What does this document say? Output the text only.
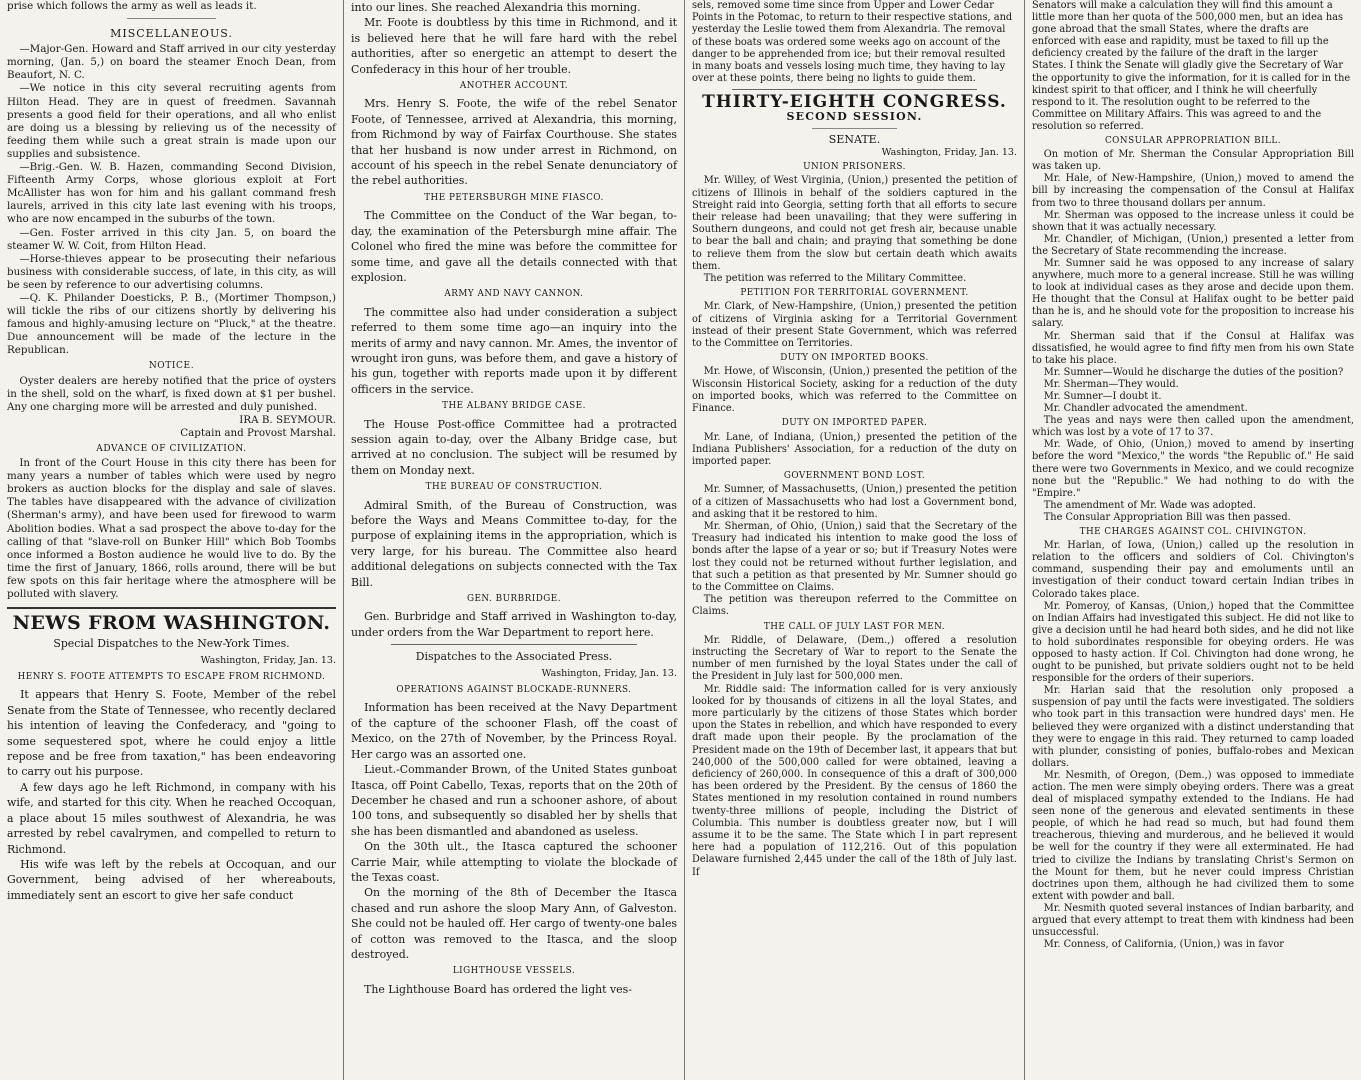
prise which follows the army as well as leads it.

MISCELLANEOUS.

—Major-Gen. Howard and Staff arrived in our city yesterday morning, (Jan. 5,) on board the steamer Enoch Dean, from Beaufort, N. C.

—We notice in this city several recruiting agents from Hilton Head. They are in quest of freedmen. Savannah presents a good field for their operations, and all who enlist are doing us a blessing by relieving us of the necessity of feeding them while such a great strain is made upon our supplies and subsistence.

—Brig.-Gen. W. B. Hazen, commanding Second Division, Fifteenth Army Corps, whose glorious exploit at Fort McAllister has won for him and his gallant command fresh laurels, arrived in this city late last evening with his troops, who are now encamped in the suburbs of the town.

—Gen. Foster arrived in this city Jan. 5, on board the steamer W. W. Coit, from Hilton Head.

—Horse-thieves appear to be prosecuting their nefarious business with considerable success, of late, in this city, as will be seen by reference to our advertising columns.

—Q. K. Philander Doesticks, P. B., (Mortimer Thompson,) will tickle the ribs of our citizens shortly by delivering his famous and highly-amusing lecture on "Pluck," at the theatre. Due announcement will be made of the lecture in the Republican.

NOTICE.

Oyster dealers are hereby notified that the price of oysters in the shell, sold on the wharf, is fixed down at $1 per bushel. Any one charging more will be arrested and duly punished.

IRA B. SEYMOUR.

Captain and Provost Marshal.

ADVANCE OF CIVILIZATION.

In front of the Court House in this city there has been for many years a number of tables which were used by negro brokers as auction blocks for the display and sale of slaves. The tables have disappeared with the advance of civilization (Sherman's army), and have been used for firewood to warm Abolition bodies. What a sad prospect the above to-day for the calling of that "slave-roll on Bunker Hill" which Bob Toombs once informed a Boston audience he would live to do. By the time the first of January, 1866, rolls around, there will be but few spots on this fair heritage where the atmosphere will be polluted with slavery.

NEWS FROM WASHINGTON.
Special Dispatches to the New-York Times.
Washington, Friday, Jan. 13.
HENRY S. FOOTE ATTEMPTS TO ESCAPE FROM RICHMOND.

It appears that Henry S. Foote, Member of the rebel Senate from the State of Tennessee, who recently declared his intention of leaving the Confederacy, and "going to some sequestered spot, where he could enjoy a little repose and be free from taxation," has been endeavoring to carry out his purpose.

A few days ago he left Richmond, in company with his wife, and started for this city. When he reached Occoquan, a place about 15 miles southwest of Alexandria, he was arrested by rebel cavalrymen, and compelled to return to Richmond.

His wife was left by the rebels at Occoquan, and our Government, being advised of her whereabouts, immediately sent an escort to give her safe conduct

into our lines. She reached Alexandria this morning.

Mr. Foote is doubtless by this time in Richmond, and it is believed here that he will fare hard with the rebel authorities, after so energetic an attempt to desert the Confederacy in this hour of her trouble.

ANOTHER ACCOUNT.

Mrs. Henry S. Foote, the wife of the rebel Senator Foote, of Tennessee, arrived at Alexandria, this morning, from Richmond by way of Fairfax Courthouse. She states that her husband is now under arrest in Richmond, on account of his speech in the rebel Senate denunciatory of the rebel authorities.

THE PETERSBURGH MINE FIASCO.

The Committee on the Conduct of the War began, to-day, the examination of the Petersburgh mine affair. The Colonel who fired the mine was before the committee for some time, and gave all the details connected with that explosion.

ARMY AND NAVY CANNON.

The committee also had under consideration a subject referred to them some time ago—an inquiry into the merits of army and navy cannon. Mr. Ames, the inventor of wrought iron guns, was before them, and gave a history of his gun, together with reports made upon it by different officers in the service.

THE ALBANY BRIDGE CASE.

The House Post-office Committee had a protracted session again to-day, over the Albany Bridge case, but arrived at no conclusion. The subject will be resumed by them on Monday next.

THE BUREAU OF CONSTRUCTION.

Admiral Smith, of the Bureau of Construction, was before the Ways and Means Committee to-day, for the purpose of explaining items in the appropriation, which is very large, for his bureau. The Committee also heard additional delegations on subjects connected with the Tax Bill.

GEN. BURBRIDGE.

Gen. Burbridge and Staff arrived in Washington to-day, under orders from the War Department to report here.

Dispatches to the Associated Press.
Washington, Friday, Jan. 13.
OPERATIONS AGAINST BLOCKADE-RUNNERS.

Information has been received at the Navy Department of the capture of the schooner Flash, off the coast of Mexico, on the 27th of November, by the Princess Royal. Her cargo was an assorted one.

Lieut.-Commander Brown, of the United States gunboat Itasca, off Point Cabello, Texas, reports that on the 20th of December he chased and run a schooner ashore, of about 100 tons, and subsequently so disabled her by shells that she has been dismantled and abandoned as useless.

On the 30th ult., the Itasca captured the schooner Carrie Mair, while attempting to violate the blockade of the Texas coast.

On the morning of the 8th of December the Itasca chased and run ashore the sloop Mary Ann, of Galveston. She could not be hauled off. Her cargo of twenty-one bales of cotton was removed to the Itasca, and the sloop destroyed.

LIGHTHOUSE VESSELS.

The Lighthouse Board has ordered the light ves-

sels, removed some time since from Upper and Lower Cedar Points in the Potomac, to return to their respective stations, and yesterday the Leslie towed them from Alexandria. The removal of these boats was ordered some weeks ago on account of the danger to be apprehended from ice; but their removal resulted in many boats and vessels losing much time, they having to lay over at these points, there being no lights to guide them.

THIRTY-EIGHTH CONGRESS.
SECOND SESSION.
SENATE.
Washington, Friday, Jan. 13.
UNION PRISONERS.

Mr. Willey, of West Virginia, (Union,) presented the petition of citizens of Illinois in behalf of the soldiers captured in the Streight raid into Georgia, setting forth that all efforts to secure their release had been unavailing; that they were suffering in Southern dungeons, and could not get fresh air, because unable to bear the ball and chain; and praying that something be done to relieve them from the slow but certain death which awaits them.

The petition was referred to the Military Committee.

PETITION FOR TERRITORIAL GOVERNMENT.

Mr. Clark, of New-Hampshire, (Union,) presented the petition of citizens of Virginia asking for a Territorial Government instead of their present State Government, which was referred to the Committee on Territories.

DUTY ON IMPORTED BOOKS.

Mr. Howe, of Wisconsin, (Union,) presented the petition of the Wisconsin Historical Society, asking for a reduction of the duty on imported books, which was referred to the Committee on Finance.

DUTY ON IMPORTED PAPER.

Mr. Lane, of Indiana, (Union,) presented the petition of the Indiana Publishers' Association, for a reduction of the duty on imported paper.

GOVERNMENT BOND LOST.

Mr. Sumner, of Massachusetts, (Union,) presented the petition of a citizen of Massachusetts who had lost a Government bond, and asking that it be restored to him.

Mr. Sherman, of Ohio, (Union,) said that the Secretary of the Treasury had indicated his intention to make good the loss of bonds after the lapse of a year or so; but if Treasury Notes were lost they could not be returned without further legislation, and that such a petition as that presented by Mr. Sumner should go to the Committee on Claims.

The petition was thereupon referred to the Committee on Claims.

THE CALL OF JULY LAST FOR MEN.

Mr. Riddle, of Delaware, (Dem.,) offered a resolution instructing the Secretary of War to report to the Senate the number of men furnished by the loyal States under the call of the President in July last for 500,000 men.

Mr. Riddle said: The information called for is very anxiously looked for by thousands of citizens in all the loyal States, and more particularly by the citizens of those States which border upon the States in rebellion, and which have responded to every draft made upon their people. By the proclamation of the President made on the 19th of December last, it appears that but 240,000 of the 500,000 called for were obtained, leaving a deficiency of 260,000. In consequence of this a draft of 300,000 has been ordered by the President. By the census of 1860 the States mentioned in my resolution contained in round numbers twenty-three millions of people, including the District of Columbia. This number is doubtless greater now, but I will assume it to be the same. The State which I in part represent here had a population of 112,216. Out of this population Delaware furnished 2,445 under the call of the 18th of July last. If

Senators will make a calculation they will find this amount a little more than her quota of the 500,000 men, but an idea has gone abroad that the small States, where the drafts are enforced with ease and rapidity, must be taxed to fill up the deficiency created by the failure of the draft in the larger States. I think the Senate will gladly give the Secretary of War the opportunity to give the information, for it is called for in the kindest spirit to that officer, and I think he will cheerfully respond to it. The resolution ought to be referred to the Committee on Military Affairs. This was agreed to and the resolution so referred.

CONSULAR APPROPRIATION BILL.

On motion of Mr. Sherman the Consular Appropriation Bill was taken up.

Mr. Hale, of New-Hampshire, (Union,) moved to amend the bill by increasing the compensation of the Consul at Halifax from two to three thousand dollars per annum.

Mr. Sherman was opposed to the increase unless it could be shown that it was actually necessary.

Mr. Chandler, of Michigan, (Union,) presented a letter from the Secretary of State recommending the increase.

Mr. Sumner said he was opposed to any increase of salary anywhere, much more to a general increase. Still he was willing to look at individual cases as they arose and decide upon them. He thought that the Consul at Halifax ought to be better paid than he is, and he should vote for the proposition to increase his salary.

Mr. Sherman said that if the Consul at Halifax was dissatisfied, he would agree to find fifty men from his own State to take his place.

Mr. Sumner—Would he discharge the duties of the position?

Mr. Sherman—They would.

Mr. Sumner—I doubt it.

Mr. Chandler advocated the amendment.

The yeas and nays were then called upon the amendment, which was lost by a vote of 17 to 37.

Mr. Wade, of Ohio, (Union,) moved to amend by inserting before the word "Mexico," the words "the Republic of." He said there were two Governments in Mexico, and we could recognize none but the "Republic." We had nothing to do with the "Empire."

The amendment of Mr. Wade was adopted.

The Consular Appropriation Bill was then passed.

THE CHARGES AGAINST COL. CHIVINGTON.

Mr. Harlan, of Iowa, (Union,) called up the resolution in relation to the officers and soldiers of Col. Chivington's command, suspending their pay and emoluments until an investigation of their conduct toward certain Indian tribes in Colorado takes place.

Mr. Pomeroy, of Kansas, (Union,) hoped that the Committee on Indian Affairs had investigated this subject. He did not like to give a decision until he had heard both sides, and he did not like to hold subordinates responsible for obeying orders. He was opposed to hasty action. If Col. Chivington had done wrong, he ought to be punished, but private soldiers ought not to be held responsible for the orders of their superiors.

Mr. Harlan said that the resolution only proposed a suspension of pay until the facts were investigated. The soldiers who took part in this transaction were hundred days' men. He believed they were organized with a distinct understanding that they were to engage in this raid. They returned to camp loaded with plunder, consisting of ponies, buffalo-robes and Mexican dollars.

Mr. Nesmith, of Oregon, (Dem.,) was opposed to immediate action. The men were simply obeying orders. There was a great deal of misplaced sympathy extended to the Indians. He had seen none of the generous and elevated sentiments in these people, of which he had read so much, but had found them treacherous, thieving and murderous, and he believed it would be well for the country if they were all exterminated. He had tried to civilize the Indians by translating Christ's Sermon on the Mount for them, but he never could impress Christian doctrines upon them, although he had civilized them to some extent with powder and ball.

Mr. Nesmith quoted several instances of Indian barbarity, and argued that every attempt to treat them with kindness had been unsuccessful.

Mr. Conness, of California, (Union,) was in favor
